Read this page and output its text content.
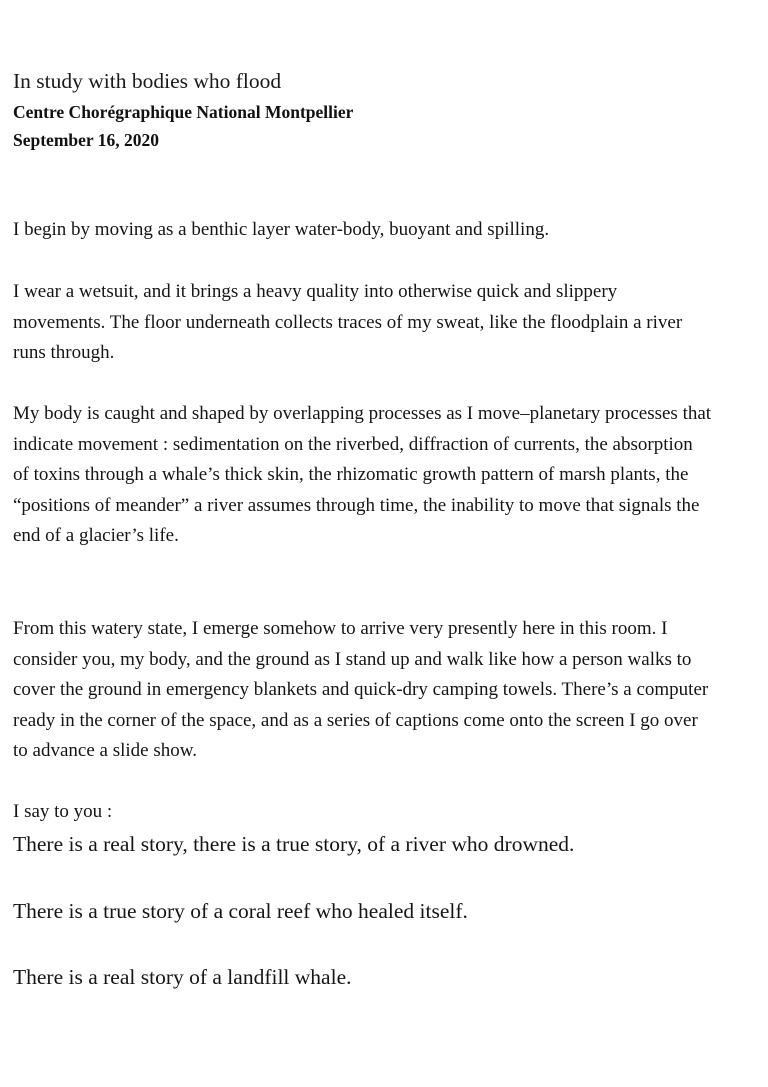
In study with bodies who flood
Centre Chorégraphique National Montpellier
September 16, 2020

I begin by moving as a benthic layer water-body, buoyant and spilling.

I wear a wetsuit, and it brings a heavy quality into otherwise quick and slippery movements. The floor underneath collects traces of my sweat, like the floodplain a river runs through.

My body is caught and shaped by overlapping processes as I move–planetary processes that indicate movement : sedimentation on the riverbed, diffraction of currents, the absorption of toxins through a whale’s thick skin, the rhizomatic growth pattern of marsh plants, the “positions of meander” a river assumes through time, the inability to move that signals the end of a glacier’s life.

From this watery state, I emerge somehow to arrive very presently here in this room. I consider you, my body, and the ground as I stand up and walk like how a person walks to cover the ground in emergency blankets and quick-dry camping towels. There’s a computer ready in the corner of the space, and as a series of captions come onto the screen I go over to advance a slide show.

I say to you :

There is a real story, there is a true story, of a river who drowned.
There is a true story of a coral reef who healed itself.
There is a real story of a landfill whale.
